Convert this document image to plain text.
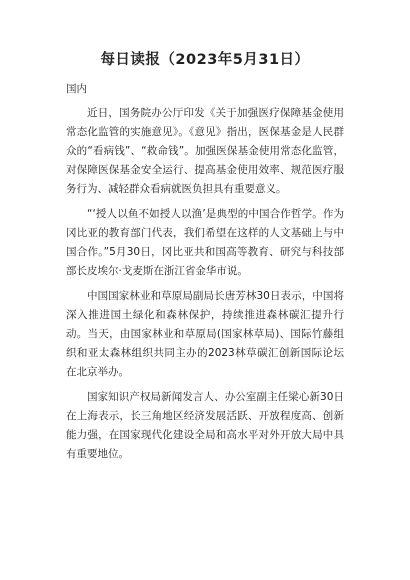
每日读报（2023年5月31日）
国内

近日，国务院办公厅印发《关于加强医疗保障基金使用常态化监管的实施意见》。《意见》指出，医保基金是人民群众的“看病钱”、“救命钱”。加强医保基金使用常态化监管，对保障医保基金安全运行、提高基金使用效率、规范医疗服务行为、减轻群众看病就医负担具有重要意义。

“‘授人以鱼不如授人以渔’是典型的中国合作哲学。作为冈比亚的教育部门代表，我们希望在这样的人文基础上与中国合作。”5月30日，冈比亚共和国高等教育、研究与科技部部长皮埃尔·戈麦斯在浙江省金华市说。

中国国家林业和草原局副局长唐芳林30日表示，中国将深入推进国土绿化和森林保护，持续推进森林碳汇提升行动。当天，由国家林业和草原局(国家林草局)、国际竹藤组织和亚太森林组织共同主办的2023林草碳汇创新国际论坛在北京举办。

国家知识产权局新闻发言人、办公室副主任梁心新30日在上海表示，长三角地区经济发展活跃、开放程度高、创新能力强，在国家现代化建设全局和高水平对外开放大局中具有重要地位。
